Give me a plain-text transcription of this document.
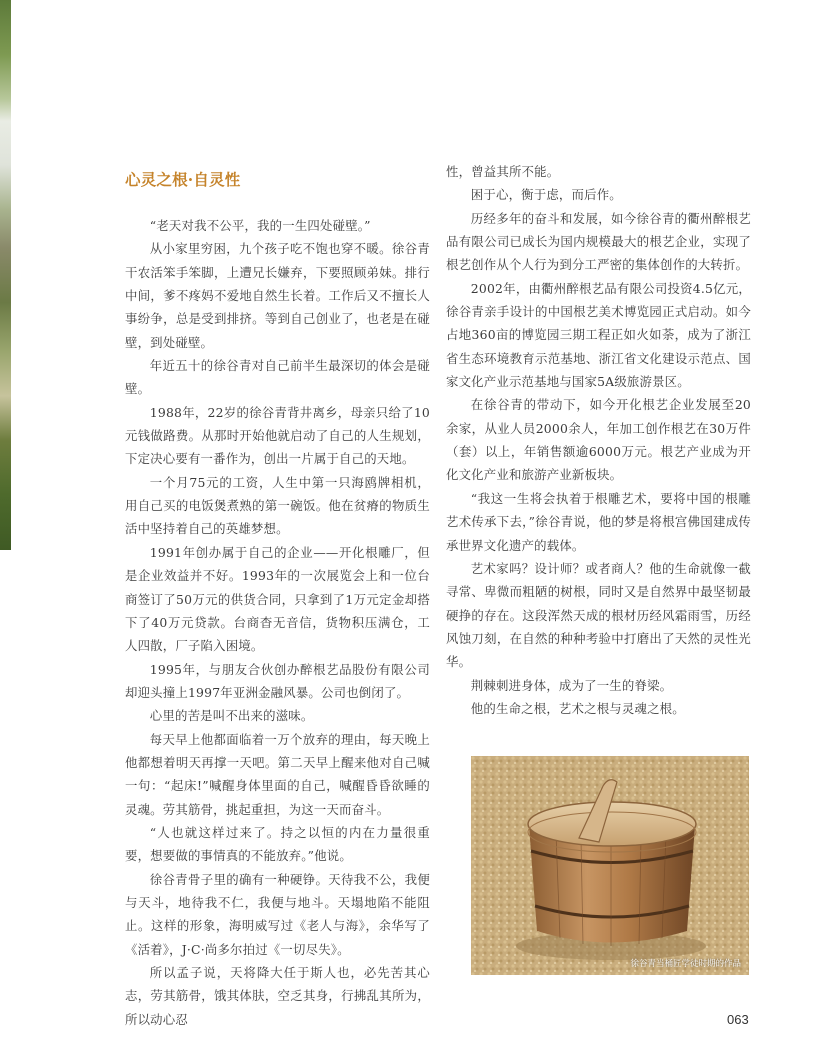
心灵之根·自灵性

“老天对我不公平，我的一生四处碰壁。”

从小家里穷困，九个孩子吃不饱也穿不暖。徐谷青干农活笨手笨脚，上遭兄长嫌弃，下要照顾弟妹。排行中间，爹不疼妈不爱地自然生长着。工作后又不擅长人事纷争，总是受到排挤。等到自己创业了，也老是在碰壁，到处碰壁。

年近五十的徐谷青对自己前半生最深切的体会是碰壁。

1988年，22岁的徐谷青背井离乡，母亲只给了10元钱做路费。从那时开始他就启动了自己的人生规划，下定决心要有一番作为，创出一片属于自己的天地。

一个月75元的工资，人生中第一只海鸥牌相机，用自己买的电饭煲煮熟的第一碗饭。他在贫瘠的物质生活中坚持着自己的英雄梦想。

1991年创办属于自己的企业——开化根雕厂，但是企业效益并不好。1993年的一次展览会上和一位台商签订了50万元的供货合同，只拿到了1万元定金却搭下了40万元贷款。台商杳无音信，货物积压满仓，工人四散，厂子陷入困境。

1995年，与朋友合伙创办醉根艺品股份有限公司却迎头撞上1997年亚洲金融风暴。公司也倒闭了。

心里的苦是叫不出来的滋味。

每天早上他都面临着一万个放弃的理由，每天晚上他都想着明天再撑一天吧。第二天早上醒来他对自己喊一句：“起床!”喊醒身体里面的自己，喊醒昏昏欲睡的灵魂。劳其筋骨，挑起重担，为这一天而奋斗。

“人也就这样过来了。持之以恒的内在力量很重要，想要做的事情真的不能放弃。”他说。

徐谷青骨子里的确有一种硬铮。天待我不公，我便与天斗，地待我不仁，我便与地斗。天塌地陷不能阻止。这样的形象，海明威写过《老人与海》，余华写了《活着》，J·C·尚多尔拍过《一切尽失》。

所以孟子说，天将降大任于斯人也，必先苦其心志，劳其筋骨，饿其体肤，空乏其身，行拂乱其所为，所以动心忍

性，曾益其所不能。

困于心，衡于虑，而后作。

历经多年的奋斗和发展，如今徐谷青的衢州醉根艺品有限公司已成长为国内规模最大的根艺企业，实现了根艺创作从个人行为到分工严密的集体创作的大转折。

2002年，由衢州醉根艺品有限公司投资4.5亿元，徐谷青亲手设计的中国根艺美术博览园正式启动。如今占地360亩的博览园三期工程正如火如荼，成为了浙江省生态环境教育示范基地、浙江省文化建设示范点、国家文化产业示范基地与国家5A级旅游景区。

在徐谷青的带动下，如今开化根艺企业发展至20余家，从业人员2000余人，年加工创作根艺在30万件（套）以上，年销售额逾6000万元。根艺产业成为开化文化产业和旅游产业新板块。

“我这一生将会执着于根雕艺术，要将中国的根雕艺术传承下去，”徐谷青说，他的梦是将根宫佛国建成传承世界文化遗产的载体。

艺术家吗？设计师？或者商人？他的生命就像一截寻常、卑微而粗陋的树根，同时又是自然界中最坚韧最硬挣的存在。这段浑然天成的根材历经风霜雨雪，历经风蚀刀刻，在自然的种种考验中打磨出了天然的灵性光华。

荆棘刺进身体，成为了一生的脊梁。

他的生命之根，艺术之根与灵魂之根。

徐谷青当桶匠学徒时期的作品
063
